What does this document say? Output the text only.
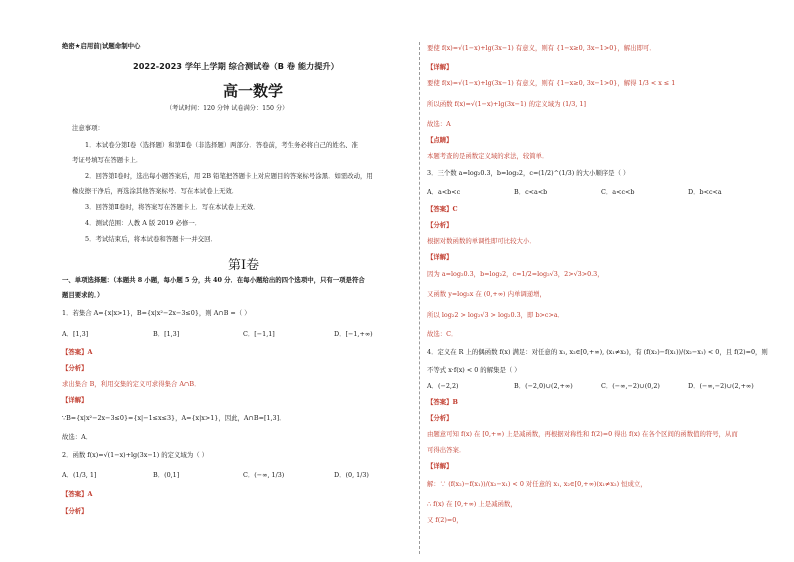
绝密★启用前|试题命制中心
2022-2023 学年上学期 综合测试卷（B 卷 能力提升）
高一数学
（考试时间：120 分钟 试卷满分：150 分）
注意事项：
1．本试卷分第Ⅰ卷（选择题）和第Ⅱ卷（非选择题）两部分．答卷前，考生务必将自己的姓名、准
考证号填写在答题卡上．
2．回答第Ⅰ卷时，选出每小题答案后，用 2B 铅笔把答题卡上对应题目的答案标号涂黑．如需改动，用
橡皮擦干净后，再选涂其他答案标号．写在本试卷上无效．
3．回答第Ⅱ卷时，将答案写在答题卡上．写在本试卷上无效．
4．测试范围：人教 A 版 2019 必修一．
5．考试结束后，将本试卷和答题卡一并交回．
第Ⅰ卷
一、单项选择题：（本题共 8 小题，每小题 5 分，共 40 分．在每小题给出的四个选项中，只有一项是符合
题目要求的．）
1．若集合 A={x|x>1}，B={x|x²−2x−3≤0}，则 A∩B =（ ）
A．[1,3]	B．[1,3]	C．[−1,1]	D．[−1,+∞)
【答案】A
【分析】
求出集合 B，利用交集的定义可求得集合 A∩B．
【详解】
∵B={x|x²−2x−3≤0}={x|−1≤x≤3}，A={x|x>1}，因此，A∩B=[1,3]．
故选：A．
2．函数 f(x)=√(1−x)+lg(3x−1) 的定义域为（ ）
A．(1/3, 1]	B．(0,1]	C．(−∞, 1/3)	D．(0, 1/3)
【答案】A
【分析】
要使 f(x)=√(1−x)+lg(3x−1) 有意义，则有 {1−x≥0, 3x−1>0}，解出即可．
【详解】
要使 f(x)=√(1−x)+lg(3x−1) 有意义，则有 {1−x≥0, 3x−1>0}，解得 1/3 < x ≤ 1
所以函数 f(x)=√(1−x)+lg(3x−1) 的定义域为 (1/3, 1]
故选：A
【点睛】
本题考查的是函数定义域的求法，较简单．
3．三个数 a=log₂0.3，b=log₂2，c=(1/2)^(1/3) 的大小顺序是（ ）
A．a<b<c	B．c<a<b	C．a<c<b	D．b<c<a
【答案】C
【分析】
根据对数函数的单调性即可比较大小．
【详解】
因为 a=log₂0.3，b=log₂2，c=1/2=log₂√3，2>√3>0.3，
又函数 y=log₂x 在 (0,+∞) 内单调递增，
所以 log₂2 > log₂√3 > log₂0.3，即 b>c>a．
故选：C．
4．定义在 R 上的偶函数 f(x) 满足：对任意的 x₁, x₂∈[0,+∞), (x₁≠x₂)，有 (f(x₂)−f(x₁))/(x₂−x₁) < 0，且 f(2)=0，则
不等式 x·f(x) < 0 的解集是（ ）
A．(−2,2)	B．(−2,0)∪(2,+∞)	C．(−∞,−2)∪(0,2)	D．(−∞,−2)∪(2,+∞)
【答案】B
【分析】
由题意可知 f(x) 在 [0,+∞) 上是减函数，再根据对称性和 f(2)=0 得出 f(x) 在各个区间的函数值的符号，从而
可得出答案．
【详解】
解：∵ (f(x₂)−f(x₁))/(x₂−x₁) < 0 对任意的 x₁, x₂∈[0,+∞)(x₁≠x₂) 恒成立，
∴ f(x) 在 [0,+∞) 上是减函数，
又 f(2)=0，
